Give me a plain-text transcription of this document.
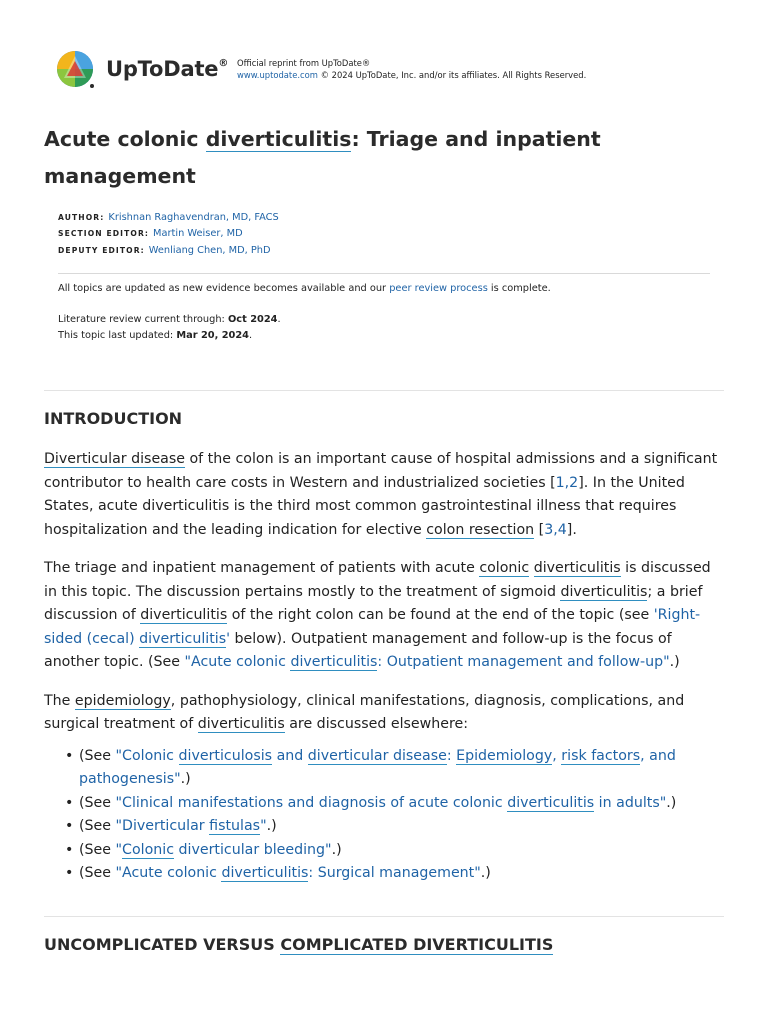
UpToDate® Official reprint from UpToDate®
www.uptodate.com © 2024 UpToDate, Inc. and/or its affiliates. All Rights Reserved.
Acute colonic diverticulitis: Triage and inpatient management
AUTHOR: Krishnan Raghavendran, MD, FACS
SECTION EDITOR: Martin Weiser, MD
DEPUTY EDITOR: Wenliang Chen, MD, PhD
All topics are updated as new evidence becomes available and our peer review process is complete.
Literature review current through: Oct 2024.
This topic last updated: Mar 20, 2024.
INTRODUCTION

Diverticular disease of the colon is an important cause of hospital admissions and a significant contributor to health care costs in Western and industrialized societies [1,2]. In the United States, acute diverticulitis is the third most common gastrointestinal illness that requires hospitalization and the leading indication for elective colon resection [3,4].

The triage and inpatient management of patients with acute colonic diverticulitis is discussed in this topic. The discussion pertains mostly to the treatment of sigmoid diverticulitis; a brief discussion of diverticulitis of the right colon can be found at the end of the topic (see 'Right-sided (cecal) diverticulitis' below). Outpatient management and follow-up is the focus of another topic. (See "Acute colonic diverticulitis: Outpatient management and follow-up".)

The epidemiology, pathophysiology, clinical manifestations, diagnosis, complications, and surgical treatment of diverticulitis are discussed elsewhere:

• (See "Colonic diverticulosis and diverticular disease: Epidemiology, risk factors, and pathogenesis".)
• (See "Clinical manifestations and diagnosis of acute colonic diverticulitis in adults".)
• (See "Diverticular fistulas".)
• (See "Colonic diverticular bleeding".)
• (See "Acute colonic diverticulitis: Surgical management".)
UNCOMPLICATED VERSUS COMPLICATED DIVERTICULITIS
